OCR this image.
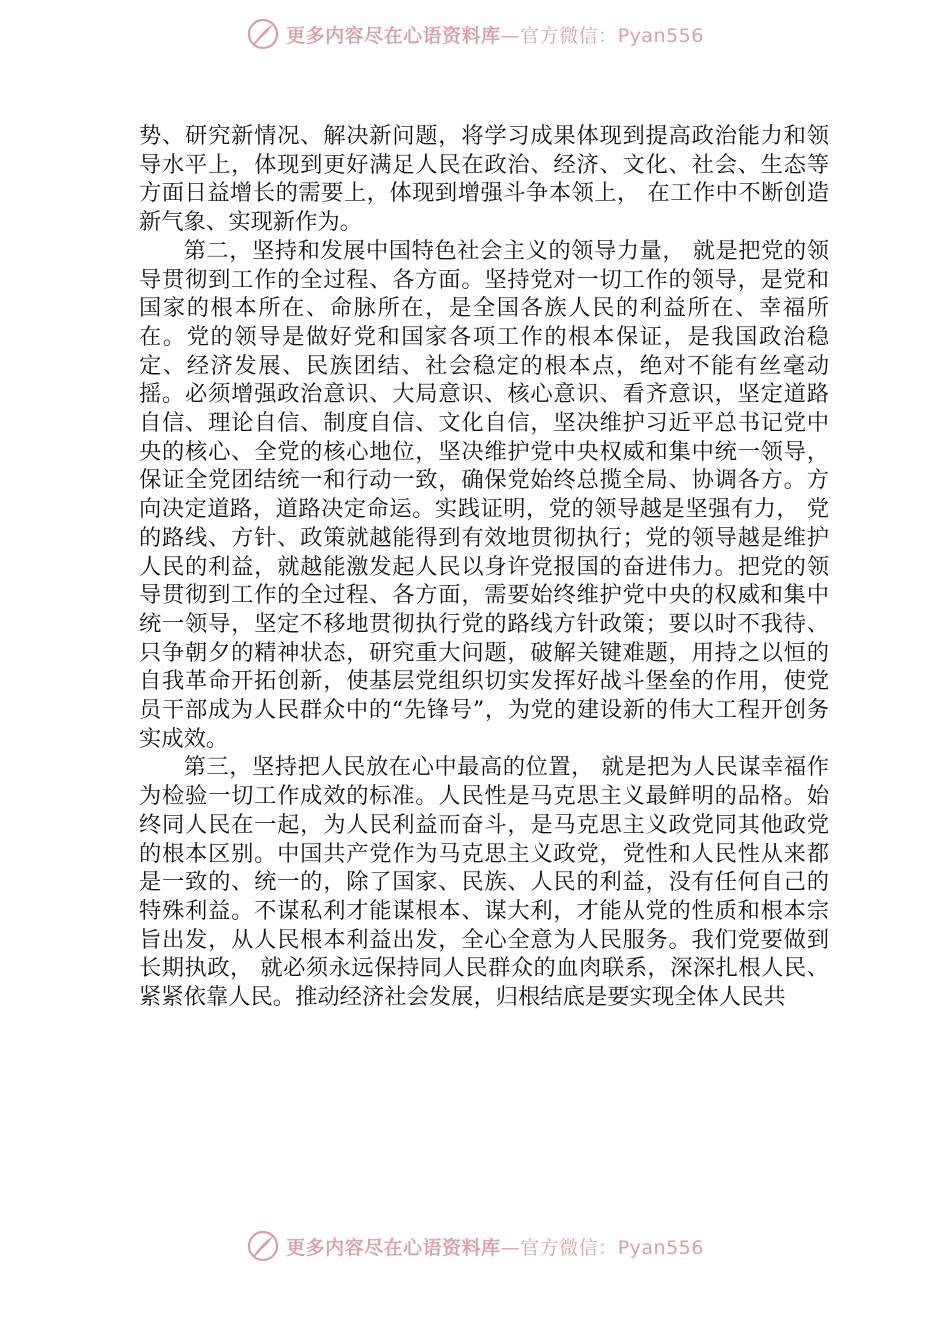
更多内容尽在心语资料库—官方微信：Pyan556

势、研究新情况、解决新问题，将学习成果体现到提高政治能力和领导水平上，体现到更好满足人民在政治、经济、文化、社会、生态等方面日益增长的需要上，体现到增强斗争本领上， 在工作中不断创造新气象、实现新作为。

第二，坚持和发展中国特色社会主义的领导力量， 就是把党的领导贯彻到工作的全过程、各方面。坚持党对一切工作的领导，是党和国家的根本所在、命脉所在，是全国各族人民的利益所在、幸福所在。党的领导是做好党和国家各项工作的根本保证，是我国政治稳定、经济发展、民族团结、社会稳定的根本点，绝对不能有丝毫动摇。必须增强政治意识、大局意识、核心意识、看齐意识，坚定道路自信、理论自信、制度自信、文化自信，坚决维护习近平总书记党中央的核心、全党的核心地位，坚决维护党中央权威和集中统一领导，保证全党团结统一和行动一致，确保党始终总揽全局、协调各方。方向决定道路，道路决定命运。实践证明，党的领导越是坚强有力， 党的路线、方针、政策就越能得到有效地贯彻执行；党的领导越是维护人民的利益，就越能激发起人民以身许党报国的奋进伟力。把党的领导贯彻到工作的全过程、各方面，需要始终维护党中央的权威和集中统一领导，坚定不移地贯彻执行党的路线方针政策；要以时不我待、只争朝夕的精神状态，研究重大问题，破解关键难题，用持之以恒的自我革命开拓创新，使基层党组织切实发挥好战斗堡垒的作用，使党员干部成为人民群众中的“先锋号”，为党的建设新的伟大工程开创务实成效。

第三，坚持把人民放在心中最高的位置， 就是把为人民谋幸福作为检验一切工作成效的标准。人民性是马克思主义最鲜明的品格。始终同人民在一起，为人民利益而奋斗，是马克思主义政党同其他政党的根本区别。中国共产党作为马克思主义政党，党性和人民性从来都是一致的、统一的，除了国家、民族、人民的利益，没有任何自己的特殊利益。不谋私利才能谋根本、谋大利，才能从党的性质和根本宗旨出发，从人民根本利益出发，全心全意为人民服务。我们党要做到长期执政， 就必须永远保持同人民群众的血肉联系，深深扎根人民、紧紧依靠人民。推动经济社会发展，归根结底是要实现全体人民共

更多内容尽在心语资料库—官方微信：Pyan556
